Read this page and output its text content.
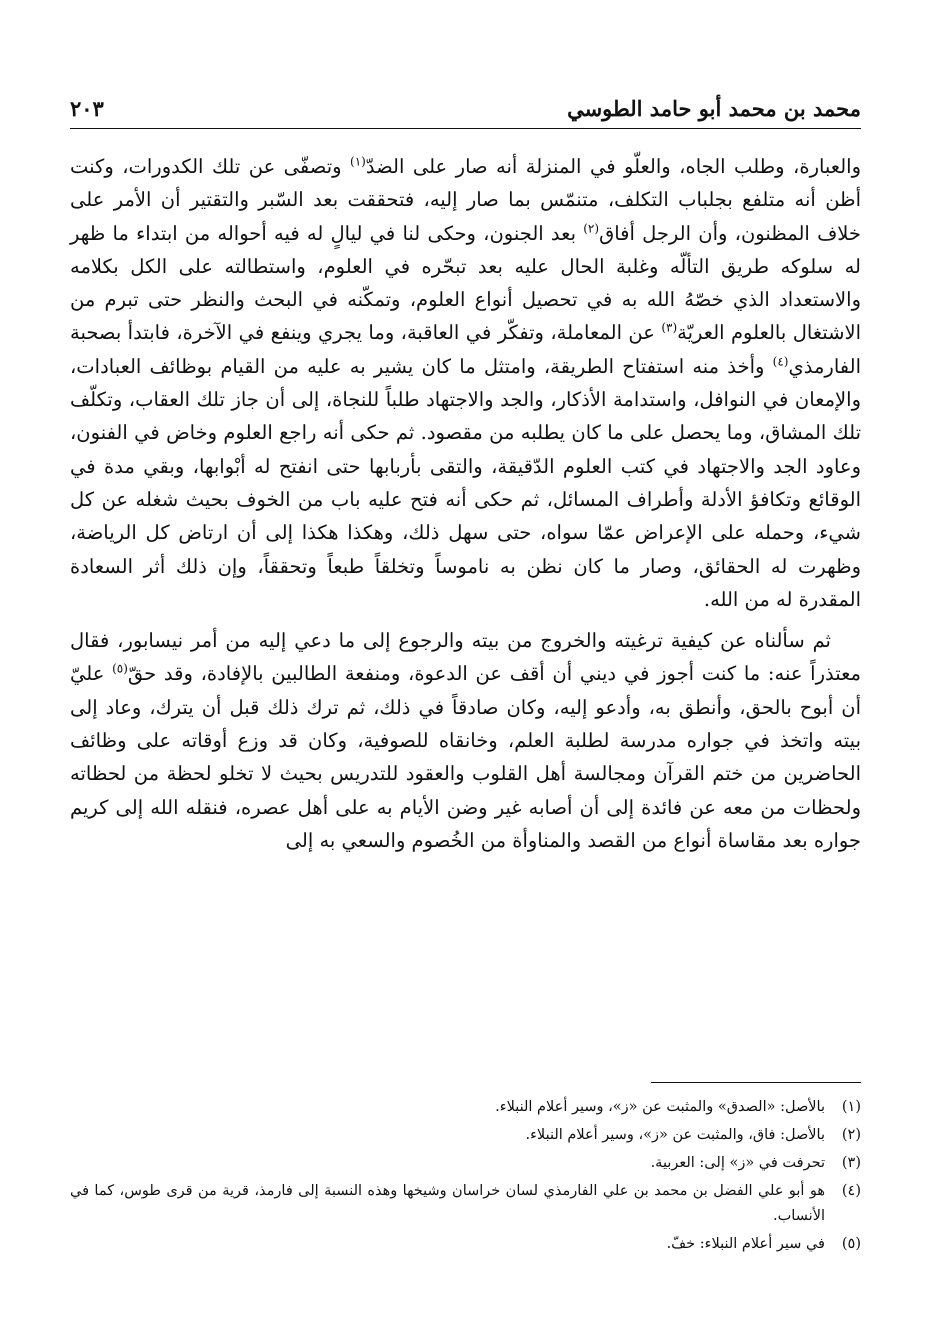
محمد بن محمد أبو حامد الطوسي
٢٠٣

والعبارة، وطلب الجاه، والعلّو في المنزلة أنه صار على الضدّ$^{(١)}$ وتصفّى عن تلك الكدورات، وكنت أظن أنه متلفع بجلباب التكلف، متنمّس بما صار إليه، فتحققت بعد السّبر والتقتير أن الأمر على خلاف المظنون، وأن الرجل أفاق$^{(٢)}$ بعد الجنون، وحكى لنا في ليالٍ له فيه أحواله من ابتداء ما ظهر له سلوكه طريق التألّه وغلبة الحال عليه بعد تبحّره في العلوم، واستطالته على الكل بكلامه والاستعداد الذي خصّهُ الله به في تحصيل أنواع العلوم، وتمكّنه في البحث والنظر حتى تبرم من الاشتغال بالعلوم العريّة$^{(٣)}$ عن المعاملة، وتفكّر في العاقبة، وما يجري وينفع في الآخرة، فابتدأ بصحبة الفارمذي$^{(٤)}$ وأخذ منه استفتاح الطريقة، وامتثل ما كان يشير به عليه من القيام بوظائف العبادات، والإمعان في النوافل، واستدامة الأذكار، والجد والاجتهاد طلباً للنجاة، إلى أن جاز تلك العقاب، وتكلّف تلك المشاق، وما يحصل على ما كان يطلبه من مقصود. ثم حكى أنه راجع العلوم وخاض في الفنون، وعاود الجد والاجتهاد في كتب العلوم الدّقيقة، والتقى بأربابها حتى انفتح له أبْوابها، وبقي مدة في الوقائع وتكافؤ الأدلة وأطراف المسائل، ثم حكى أنه فتح عليه باب من الخوف بحيث شغله عن كل شيء، وحمله على الإعراض عمّا سواه، حتى سهل ذلك، وهكذا هكذا إلى أن ارتاض كل الرياضة، وظهرت له الحقائق، وصار ما كان نظن به ناموساً وتخلقاً طبعاً وتحققاً، وإن ذلك أثر السعادة المقدرة له من الله.

ثم سألناه عن كيفية ترغيته والخروج من بيته والرجوع إلى ما دعي إليه من أمر نيسابور، فقال معتذراً عنه: ما كنت أجوز في ديني أن أقف عن الدعوة، ومنفعة الطالبين بالإفادة، وقد حقّ$^{(٥)}$ عليّ أن أبوح بالحق، وأنطق به، وأدعو إليه، وكان صادقاً في ذلك، ثم ترك ذلك قبل أن يترك، وعاد إلى بيته واتخذ في جواره مدرسة لطلبة العلم، وخانقاه للصوفية، وكان قد وزع أوقاته على وظائف الحاضرين من ختم القرآن ومجالسة أهل القلوب والعقود للتدريس بحيث لا تخلو لحظة من لحظاته ولحظات من معه عن فائدة إلى أن أصابه غير وضن الأيام به على أهل عصره، فنقله الله إلى كريم جواره بعد مقاساة أنواع من القصد والمناوأة من الخُصوم والسعي به إلى

(١)
بالأصل: «الصدق» والمثبت عن «ز»، وسير أعلام النبلاء.
(٢)
بالأصل: فاق، والمثبت عن «ز»، وسير أعلام النبلاء.
(٣)
تحرفت في «ز» إلى: العربية.
(٤)
هو أبو علي الفضل بن محمد بن علي الفارمذي لسان خراسان وشيخها وهذه النسبة إلى فارمذ، قرية من قرى طوس، كما في الأنساب.
(٥)
في سير أعلام النبلاء: خفّ.
